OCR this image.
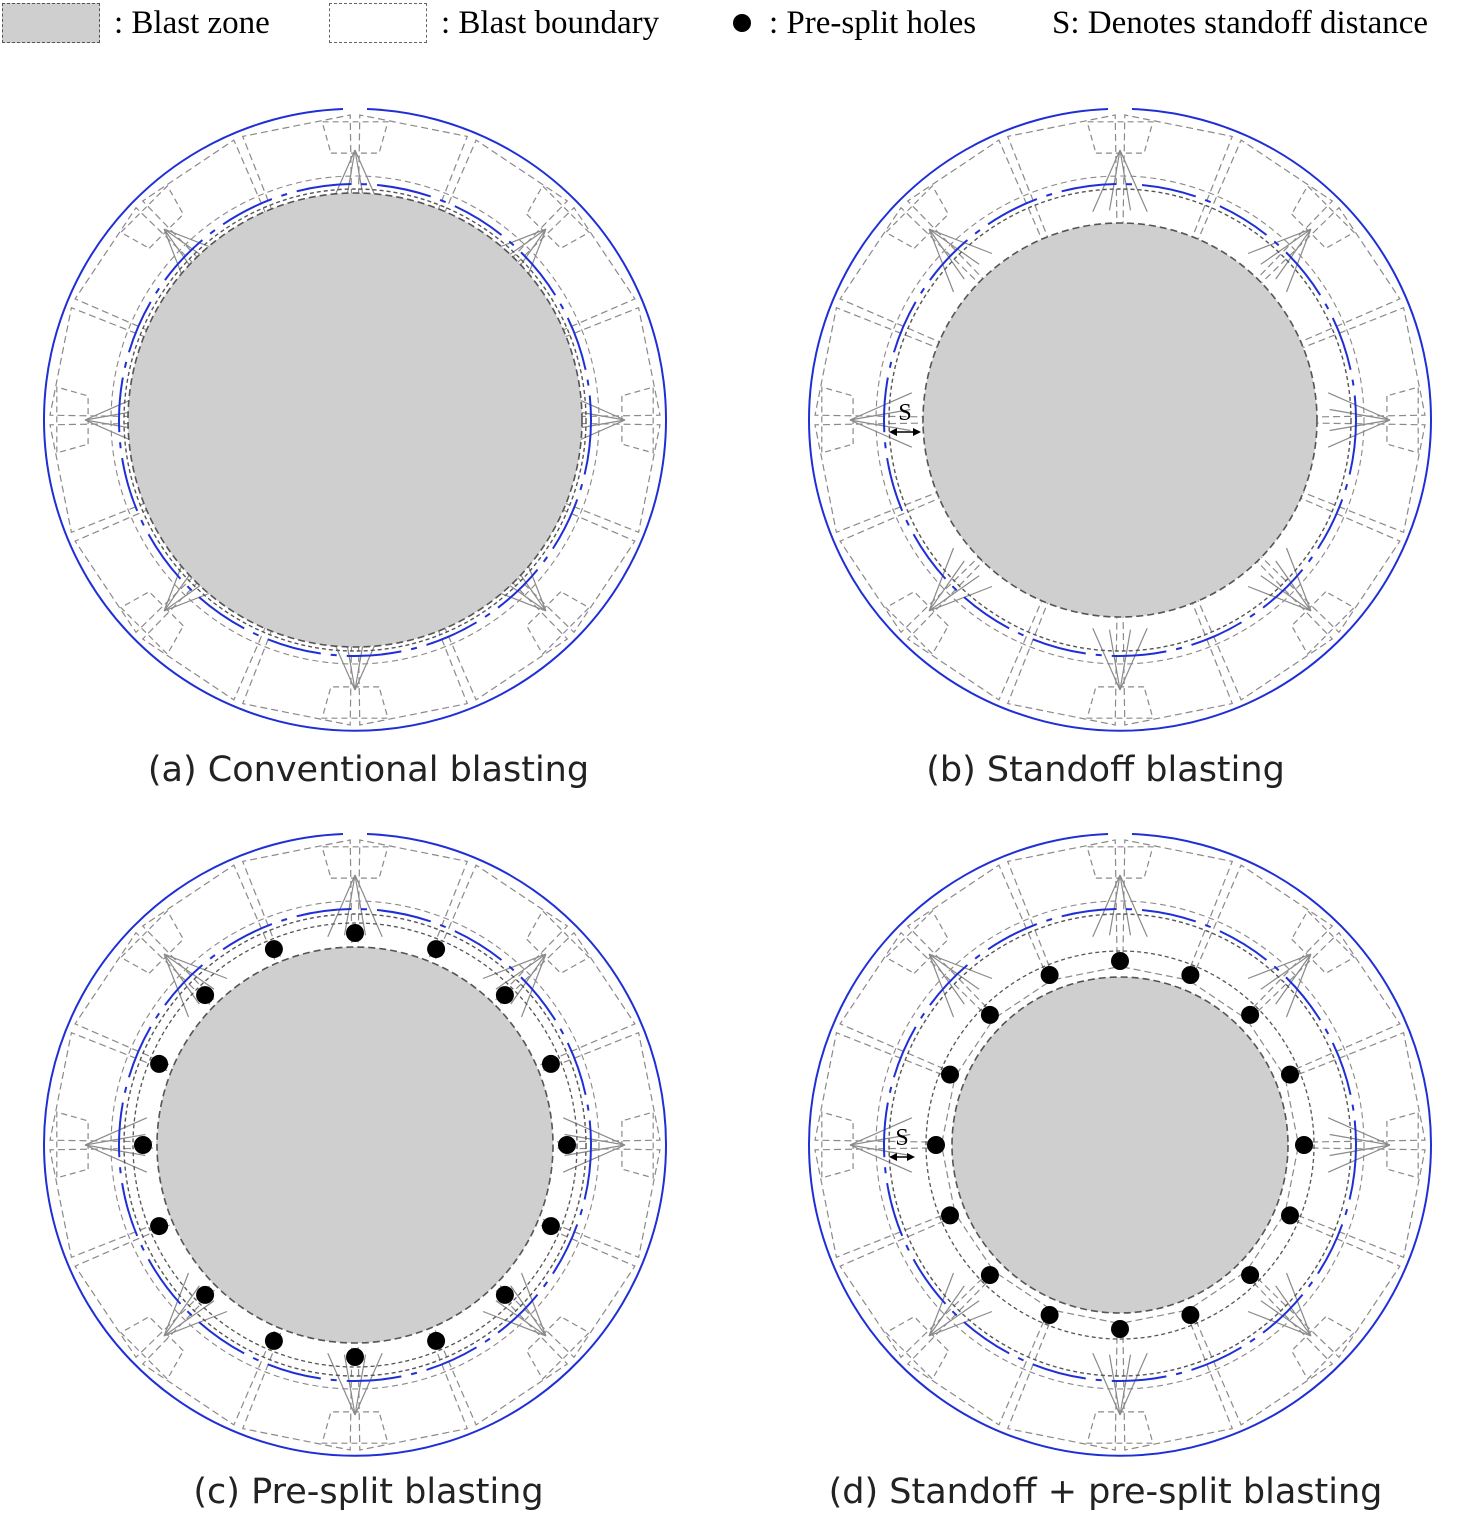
: Blast zone	: Blast boundary	: Pre-split holes S: Denotes standoff distance
(a) Conventional blasting
S
(b) Standoff blasting
(c) Pre-split blasting
S
(d) Standoff + pre-split blasting
